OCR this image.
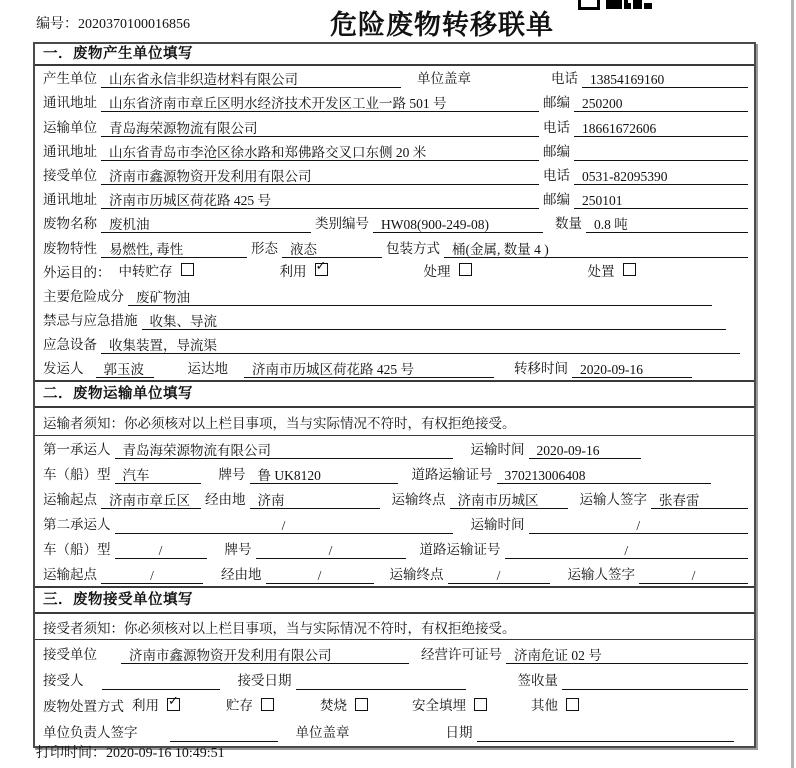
编号：2020370100016856	危险废物转移联单
一．废物产生单位填写
产生单位 山东省永信非织造材料有限公司	单位盖章	电话 13854169160
通讯地址 山东省济南市章丘区明水经济技术开发区工业一路 501 号	邮编 250200
运输单位 青岛海荣源物流有限公司	电话 18661672606
通讯地址 山东省青岛市李沧区徐水路和郑佛路交叉口东侧 20 米	邮编
接受单位 济南市鑫源物资开发利用有限公司	电话 0531-82095390
通讯地址 济南市历城区荷花路 425 号	邮编 250101
废物名称 废机油	类别编号 HW08(900-249-08)	数量 0.8 吨
废物特性 易燃性, 毒性	形态 液态	包装方式 桶(金属, 数量 4 )
外运目的： 中转贮存	利用 ✓	处理	处置
主要危险成分 废矿物油
禁忌与应急措施 收集、导流
应急设备 收集装置，导流渠
发运人	郭玉波	运达地	济南市历城区荷花路 425 号	转移时间 2020-09-16
二．废物运输单位填写
运输者须知：你必须核对以上栏目事项，当与实际情况不符时，有权拒绝接受。
第一承运人 青岛海荣源物流有限公司	运输时间 2020-09-16
车（船）型 汽车	牌号 鲁 UK8120	道路运输证号 370213006408
运输起点 济南市章丘区	经由地 济南	运输终点 济南市历城区	运输人签字 张春雷
第二承运人	/	运输时间	/
车（船）型	/	牌号	/	道路运输证号	/
运输起点	/	经由地	/	运输终点	/	运输人签字	/
三．废物接受单位填写
接受者须知：你必须核对以上栏目事项，当与实际情况不符时，有权拒绝接受。
接受单位	济南市鑫源物资开发利用有限公司	经营许可证号 济南危证 02 号
接受人	接受日期	签收量
废物处置方式 利用 ✓	贮存	焚烧	安全填埋	其他
单位负责人签字	单位盖章	日期
打印时间：2020-09-16 10:49:51
